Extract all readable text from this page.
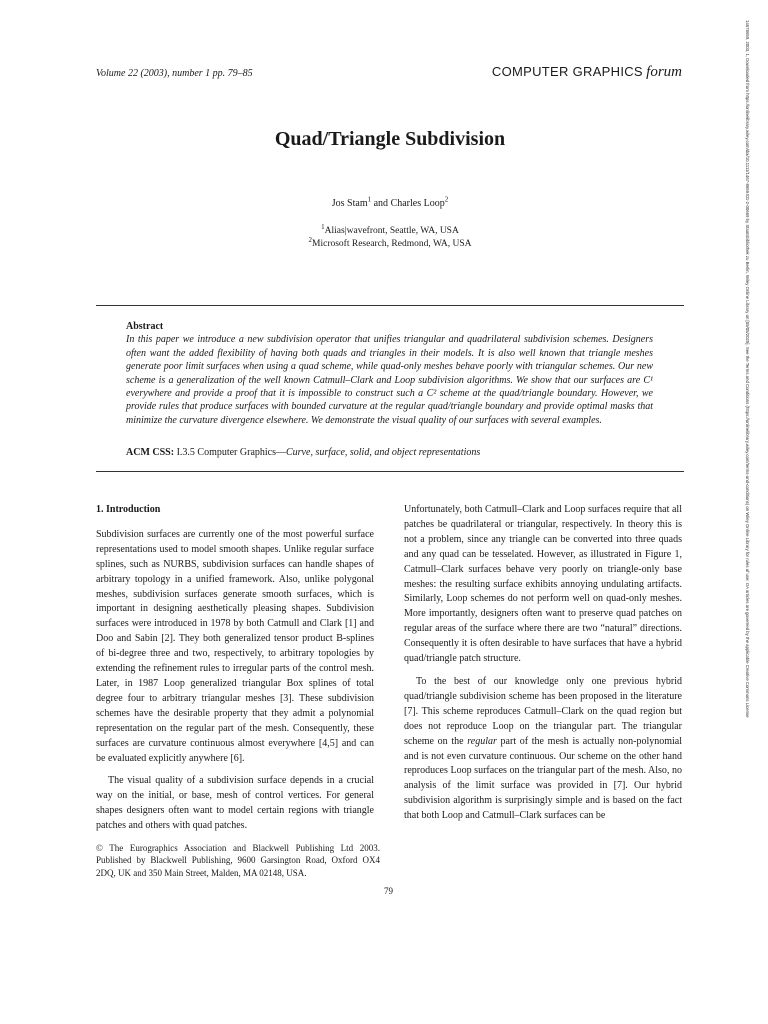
Volume 22 (2003), number 1 pp. 79–85	COMPUTER GRAPHICS forum
Quad/Triangle Subdivision
Jos Stam$^1$ and Charles Loop$^2$
$^1$Alias|wavefront, Seattle, WA, USA
$^2$Microsoft Research, Redmond, WA, USA
Abstract
In this paper we introduce a new subdivision operator that unifies triangular and quadrilateral subdivision schemes. Designers often want the added flexibility of having both quads and triangles in their models. It is also well known that triangle meshes generate poor limit surfaces when using a quad scheme, while quad-only meshes behave poorly with triangular schemes. Our new scheme is a generalization of the well known Catmull–Clark and Loop subdivision algorithms. We show that our surfaces are C¹ everywhere and provide a proof that it is impossible to construct such a C² scheme at the quad/triangle boundary. However, we provide rules that produce surfaces with bounded curvature at the regular quad/triangle boundary and provide optimal masks that minimize the curvature divergence elsewhere. We demonstrate the visual quality of our surfaces with several examples.
ACM CSS: I.3.5 Computer Graphics—Curve, surface, solid, and object representations
1. Introduction

Subdivision surfaces are currently one of the most powerful surface representations used to model smooth shapes. Unlike regular surface splines, such as NURBS, subdivision surfaces can handle shapes of arbitrary topology in a unified framework. Also, unlike polygonal meshes, subdivision surfaces generate smooth surfaces, which is important in designing aesthetically pleasing shapes. Subdivision surfaces were introduced in 1978 by both Catmull and Clark [1] and Doo and Sabin [2]. They both generalized tensor product B-splines of bi-degree three and two, respectively, to arbitrary topologies by extending the refinement rules to irregular parts of the control mesh. Later, in 1987 Loop generalized triangular Box splines of total degree four to arbitrary triangular meshes [3]. These subdivision schemes have the desirable property that they admit a polynomial representation on the regular part of the mesh. Consequently, these surfaces are curvature continuous almost everywhere [4,5] and can be evaluated explicitly anywhere [6].

The visual quality of a subdivision surface depends in a crucial way on the initial, or base, mesh of control vertices. For general shapes designers often want to model certain regions with triangle patches and others with quad patches.

Unfortunately, both Catmull–Clark and Loop surfaces require that all patches be quadrilateral or triangular, respectively. In theory this is not a problem, since any triangle can be converted into three quads and any quad can be tesselated. However, as illustrated in Figure 1, Catmull–Clark surfaces behave very poorly on triangle-only base meshes: the resulting surface exhibits annoying undulating artifacts. Similarly, Loop schemes do not perform well on quad-only meshes. More importantly, designers often want to preserve quad patches on regular areas of the surface where there are two “natural” directions. Consequently it is often desirable to have surfaces that have a hybrid quad/triangle patch structure.

To the best of our knowledge only one previous hybrid quad/triangle subdivision scheme has been proposed in the literature [7]. This scheme reproduces Catmull–Clark on the quad region but does not reproduce Loop on the triangular part. The triangular scheme on the regular part of the mesh is actually non-polynomial and is not even curvature continuous. Our scheme on the other hand reproduces Loop surfaces on the triangular part of the mesh. Also, no analysis of the limit surface was provided in [7]. Our hybrid subdivision algorithm is surprisingly simple and is based on the fact that both Loop and Catmull–Clark surfaces can be

© The Eurographics Association and Blackwell Publishing Ltd 2003. Published by Blackwell Publishing, 9600 Garsington Road, Oxford OX4 2DQ, UK and 350 Main Street, Malden, MA 02148, USA.
79
14678659, 2003, 1, Downloaded from https://onlinelibrary.wiley.com/doi/10.1111/1467-8659.t01-2-00669 by Staatsbibliothek zu Berlin, Wiley Online Library on [09/05/2025]. See the Terms and Conditions (https://onlinelibrary.wiley.com/terms-and-conditions) on Wiley Online Library for rules of use; OA articles are governed by the applicable Creative Commons License
